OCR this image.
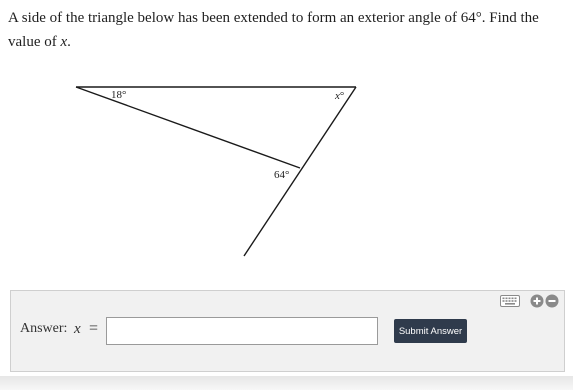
A side of the triangle below has been extended to form an exterior angle of 64°. Find the value of x.
18°	x°
64°
Answer: x =	Submit Answer
